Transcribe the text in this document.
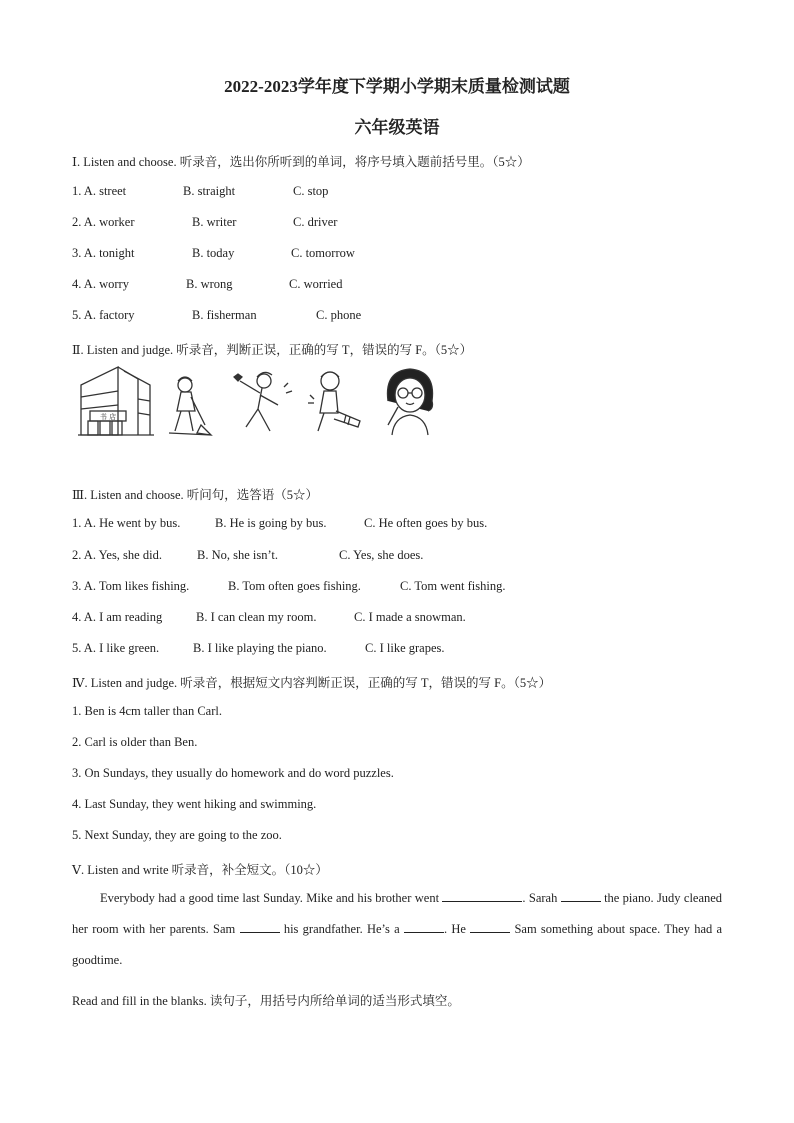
2022-2023学年度下学期小学期末质量检测试题
六年级英语
Ⅰ. Listen and choose. 听录音，选出你所听到的单词，将序号填入题前括号里。（5☆）
1. A. street	B. straight	C. stop
2. A. worker	B. writer	C. driver
3. A. tonight	B. today	C. tomorrow
4. A. worry	B. wrong	C. worried
5. A. factory	B. fisherman	C. phone
Ⅱ. Listen and judge. 听录音，判断正误，正确的写 T，错误的写 F。（5☆）
书 店
Ⅲ. Listen and choose. 听问句，选答语（5☆）
1. A. He went by bus.	B. He is going by bus.	C. He often goes by bus.
2. A. Yes, she did.	B. No, she isn’t.	C. Yes, she does.
3. A. Tom likes fishing.	B. Tom often goes fishing.	C. Tom went fishing.
4. A. I am reading	B. I can clean my room.	C. I made a snowman.
5. A. I like green.	B. I like playing the piano.	C. I like grapes.
Ⅳ. Listen and judge. 听录音，根据短文内容判断正误，正确的写 T，错误的写 F。（5☆）
1. Ben is 4cm taller than Carl.
2. Carl is older than Ben.
3. On Sundays, they usually do homework and do word puzzles.
4. Last Sunday, they went hiking and swimming.
5. Next Sunday, they are going to the zoo.
Ⅴ. Listen and write 听录音，补全短文。（10☆）
Everybody had a good time last Sunday. Mike and his brother went	. Sarah	the piano. Judy cleaned her room with her parents. Sam	his grandfather. He’s a	. He	Sam something about space. They had a goodtime.
Read and fill in the blanks. 读句子，用括号内所给单词的适当形式填空。
